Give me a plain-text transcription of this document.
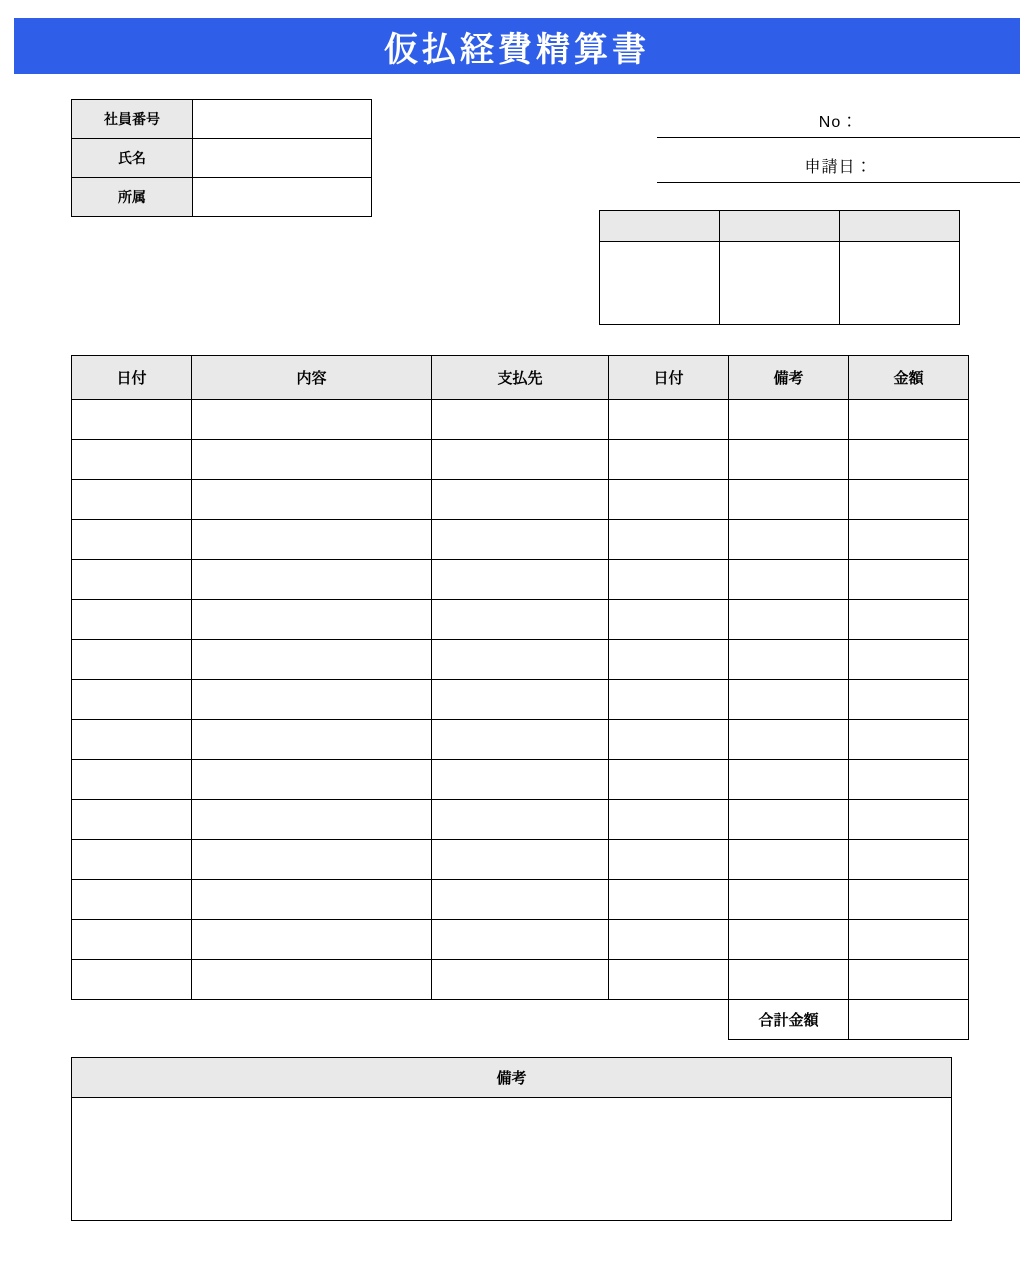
仮払経費精算書
社員番号	
氏名	
所属	
No：
申請日：

日付	内容	支払先	日付	備考	金額

				合計金額	
備考
